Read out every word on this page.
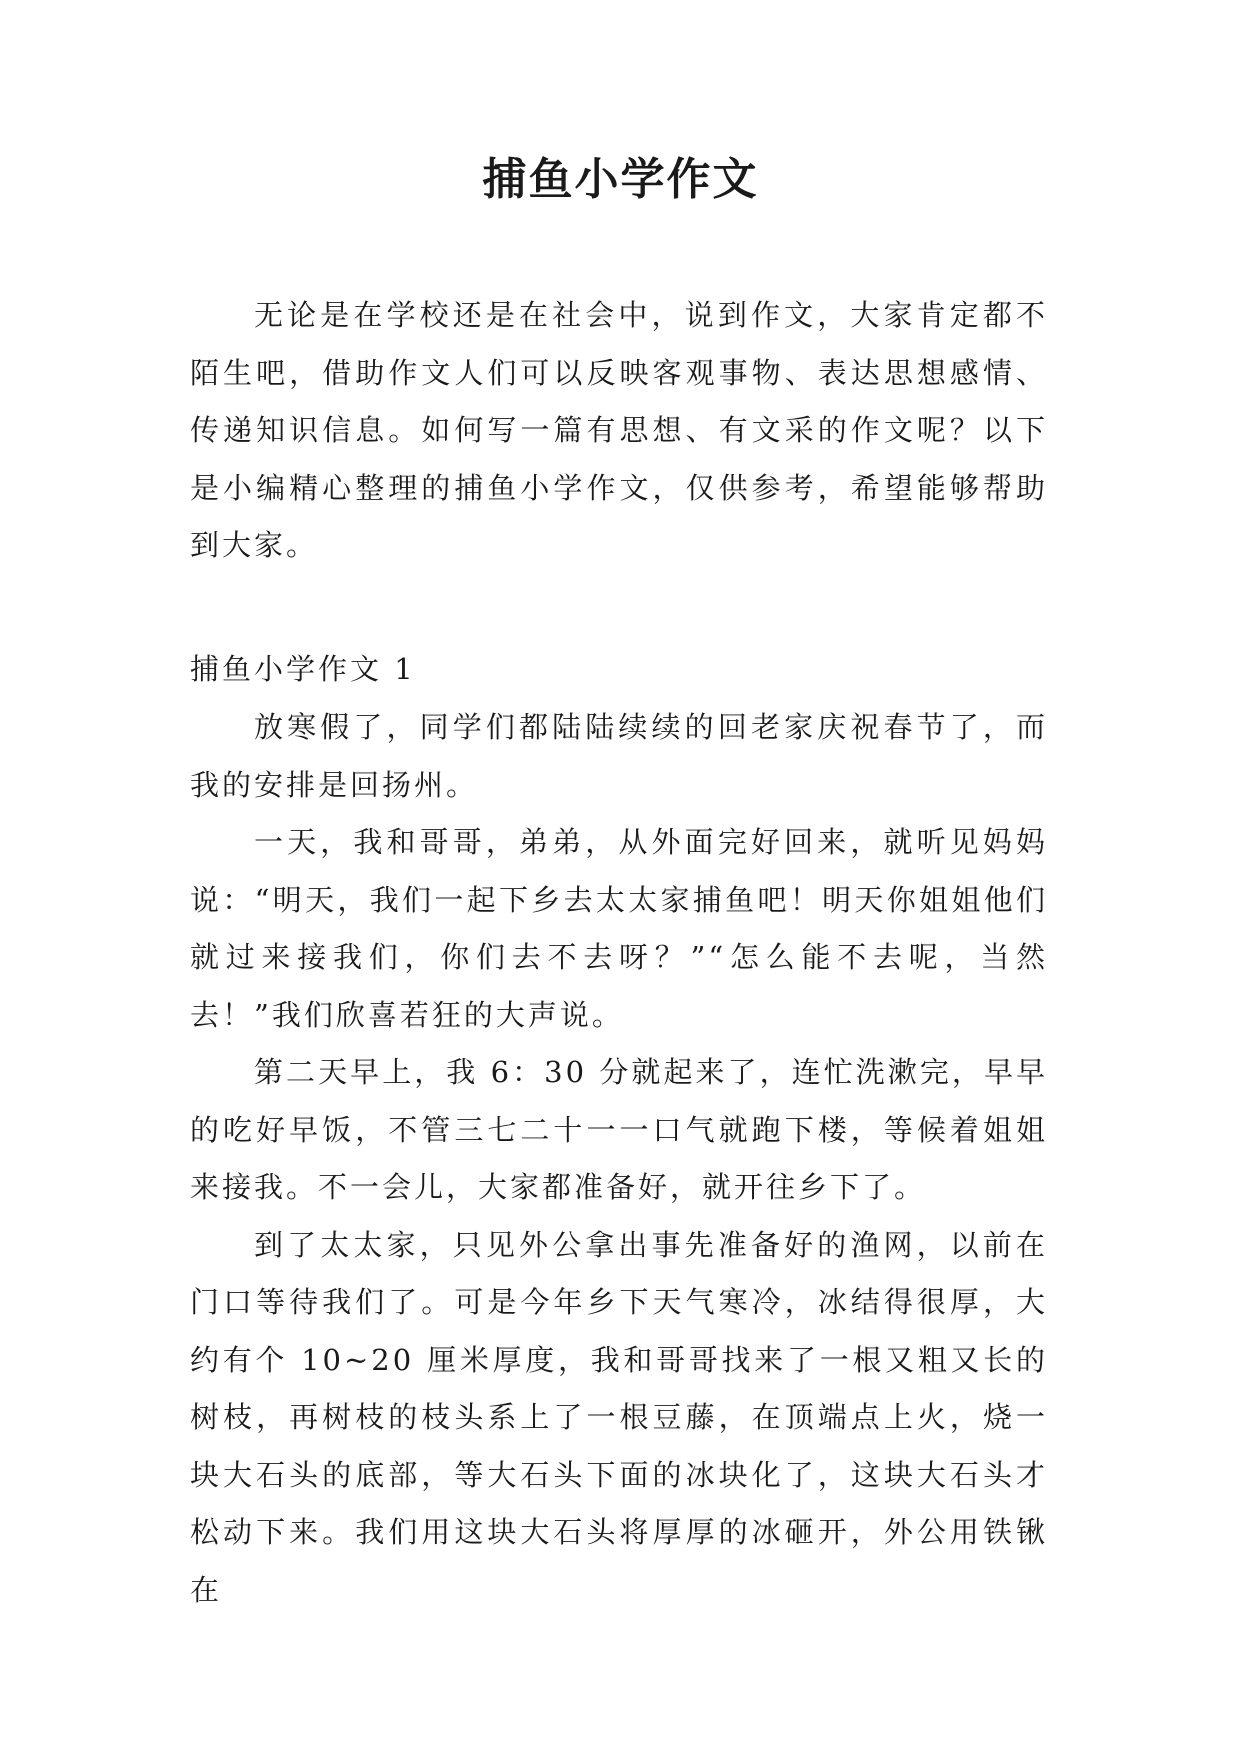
捕鱼小学作文

无论是在学校还是在社会中，说到作文，大家肯定都不陌生吧，借助作文人们可以反映客观事物、表达思想感情、传递知识信息。如何写一篇有思想、有文采的作文呢？以下是小编精心整理的捕鱼小学作文，仅供参考，希望能够帮助到大家。

捕鱼小学作文 1

放寒假了，同学们都陆陆续续的回老家庆祝春节了，而我的安排是回扬州。

一天，我和哥哥，弟弟，从外面完好回来，就听见妈妈说：“明天，我们一起下乡去太太家捕鱼吧！明天你姐姐他们就过来接我们，你们去不去呀？”“怎么能不去呢，当然去！”我们欣喜若狂的大声说。

第二天早上，我 6：30 分就起来了，连忙洗漱完，早早的吃好早饭，不管三七二十一一口气就跑下楼，等候着姐姐来接我。不一会儿，大家都准备好，就开往乡下了。

到了太太家，只见外公拿出事先准备好的渔网，以前在门口等待我们了。可是今年乡下天气寒冷，冰结得很厚，大约有个 10~20 厘米厚度，我和哥哥找来了一根又粗又长的树枝，再树枝的枝头系上了一根豆藤，在顶端点上火，烧一块大石头的底部，等大石头下面的冰块化了，这块大石头才松动下来。我们用这块大石头将厚厚的冰砸开，外公用铁锹在
